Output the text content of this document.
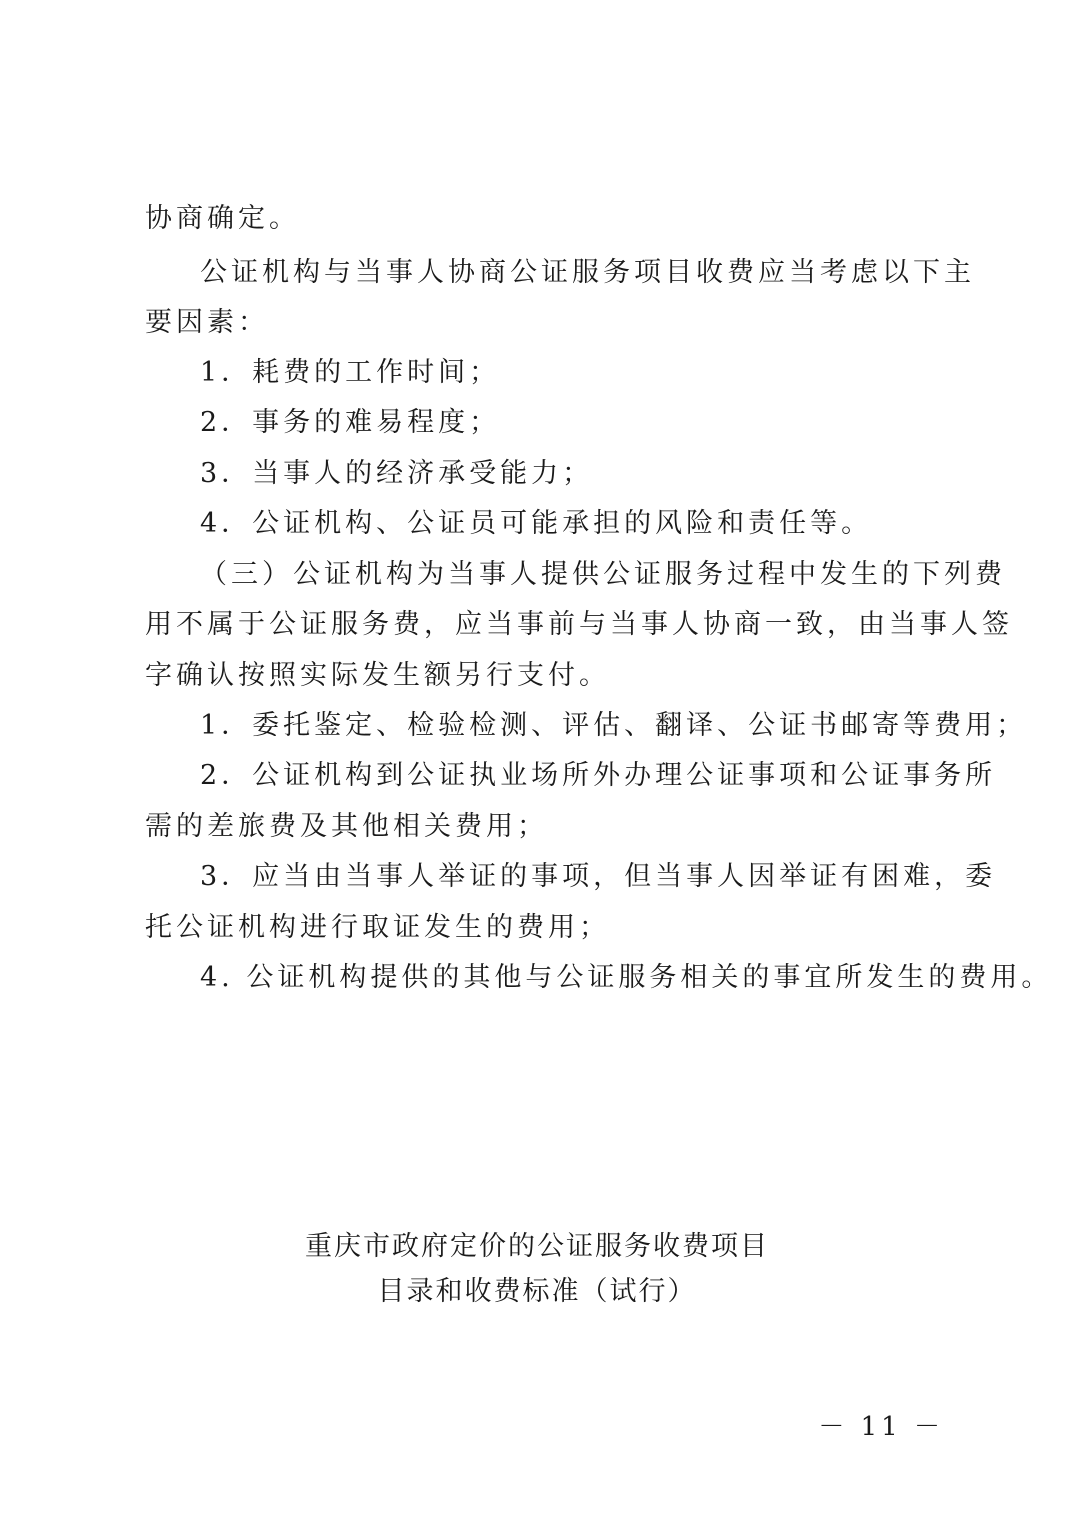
协商确定。
公证机构与当事人协商公证服务项目收费应当考虑以下主
要因素：
1．耗费的工作时间；
2．事务的难易程度；
3．当事人的经济承受能力；
4．公证机构、公证员可能承担的风险和责任等。
（三）公证机构为当事人提供公证服务过程中发生的下列费
用不属于公证服务费，应当事前与当事人协商一致，由当事人签
字确认按照实际发生额另行支付。
1．委托鉴定、检验检测、评估、翻译、公证书邮寄等费用；
2．公证机构到公证执业场所外办理公证事项和公证事务所
需的差旅费及其他相关费用；
3．应当由当事人举证的事项，但当事人因举证有困难，委
托公证机构进行取证发生的费用；
4. 公证机构提供的其他与公证服务相关的事宜所发生的费用。
重庆市政府定价的公证服务收费项目
目录和收费标准（试行）
－ 11 －
